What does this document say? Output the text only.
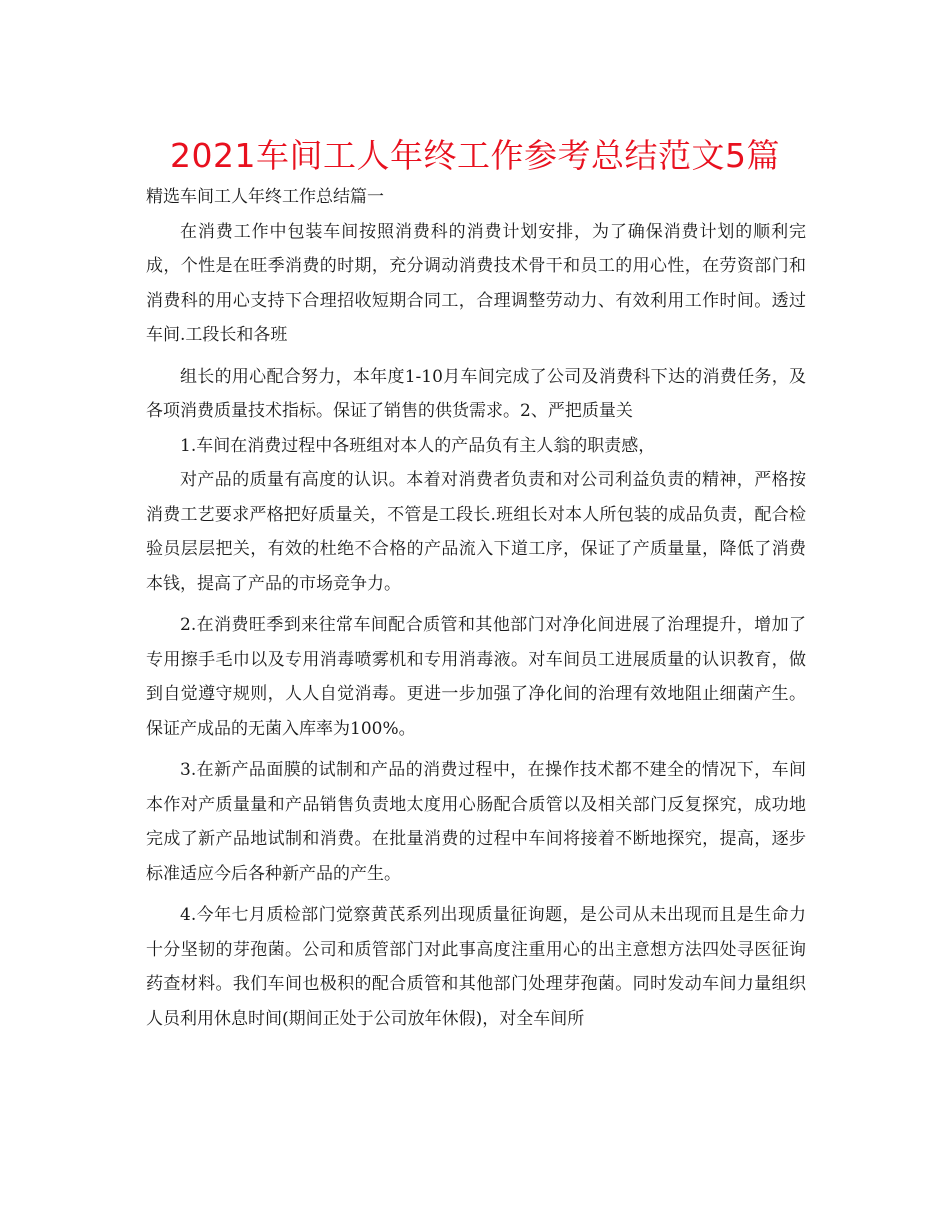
2021车间工人年终工作参考总结范文5篇

精选车间工人年终工作总结篇一

在消费工作中包装车间按照消费科的消费计划安排，为了确保消费计划的顺利完成，个性是在旺季消费的时期，充分调动消费技术骨干和员工的用心性，在劳资部门和消费科的用心支持下合理招收短期合同工，合理调整劳动力、有效利用工作时间。透过车间.工段长和各班

组长的用心配合努力，本年度1-10月车间完成了公司及消费科下达的消费任务，及各项消费质量技术指标。保证了销售的供货需求。2、严把质量关

1.车间在消费过程中各班组对本人的产品负有主人翁的职责感，

对产品的质量有高度的认识。本着对消费者负责和对公司利益负责的精神，严格按消费工艺要求严格把好质量关，不管是工段长.班组长对本人所包装的成品负责，配合检验员层层把关，有效的杜绝不合格的产品流入下道工序，保证了产质量量，降低了消费本钱，提高了产品的市场竞争力。

2.在消费旺季到来往常车间配合质管和其他部门对净化间进展了治理提升，增加了专用擦手毛巾以及专用消毒喷雾机和专用消毒液。对车间员工进展质量的认识教育，做到自觉遵守规则，人人自觉消毒。更进一步加强了净化间的治理有效地阻止细菌产生。保证产成品的无菌入库率为100%。

3.在新产品面膜的试制和产品的消费过程中，在操作技术都不建全的情况下，车间本作对产质量量和产品销售负责地太度用心肠配合质管以及相关部门反复探究，成功地完成了新产品地试制和消费。在批量消费的过程中车间将接着不断地探究，提高，逐步标准适应今后各种新产品的产生。

4.今年七月质检部门觉察黄芪系列出现质量征询题，是公司从未出现而且是生命力十分坚韧的芽孢菌。公司和质管部门对此事高度注重用心的出主意想方法四处寻医征询药查材料。我们车间也极积的配合质管和其他部门处理芽孢菌。同时发动车间力量组织人员利用休息时间(期间正处于公司放年休假)，对全车间所
